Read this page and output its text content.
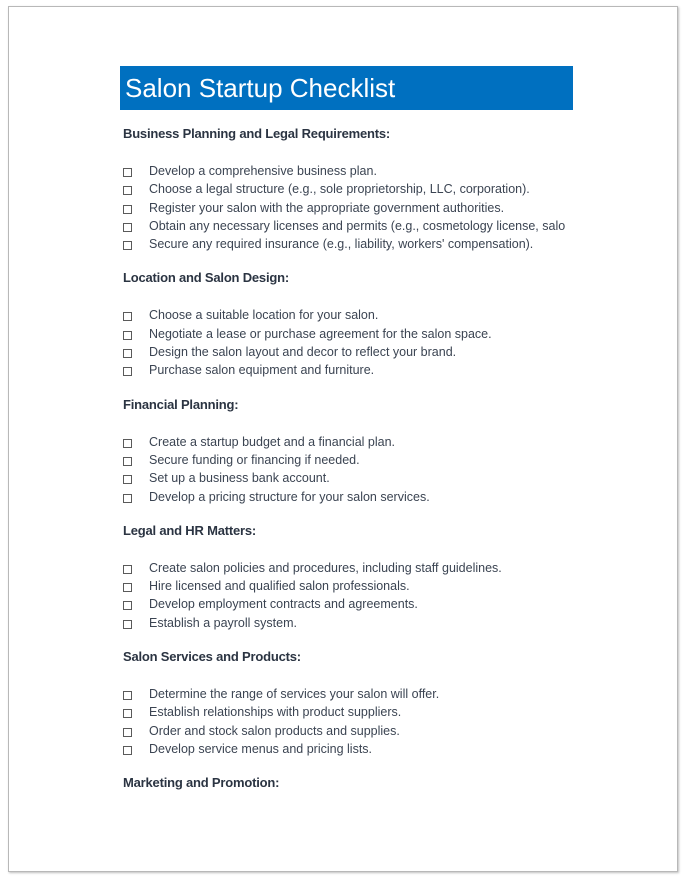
Salon Startup Checklist
Business Planning and Legal Requirements:
Develop a comprehensive business plan.
Choose a legal structure (e.g., sole proprietorship, LLC, corporation).
Register your salon with the appropriate government authorities.
Obtain any necessary licenses and permits (e.g., cosmetology license, salo
Secure any required insurance (e.g., liability, workers' compensation).
Location and Salon Design:
Choose a suitable location for your salon.
Negotiate a lease or purchase agreement for the salon space.
Design the salon layout and decor to reflect your brand.
Purchase salon equipment and furniture.
Financial Planning:
Create a startup budget and a financial plan.
Secure funding or financing if needed.
Set up a business bank account.
Develop a pricing structure for your salon services.
Legal and HR Matters:
Create salon policies and procedures, including staff guidelines.
Hire licensed and qualified salon professionals.
Develop employment contracts and agreements.
Establish a payroll system.
Salon Services and Products:
Determine the range of services your salon will offer.
Establish relationships with product suppliers.
Order and stock salon products and supplies.
Develop service menus and pricing lists.
Marketing and Promotion:
